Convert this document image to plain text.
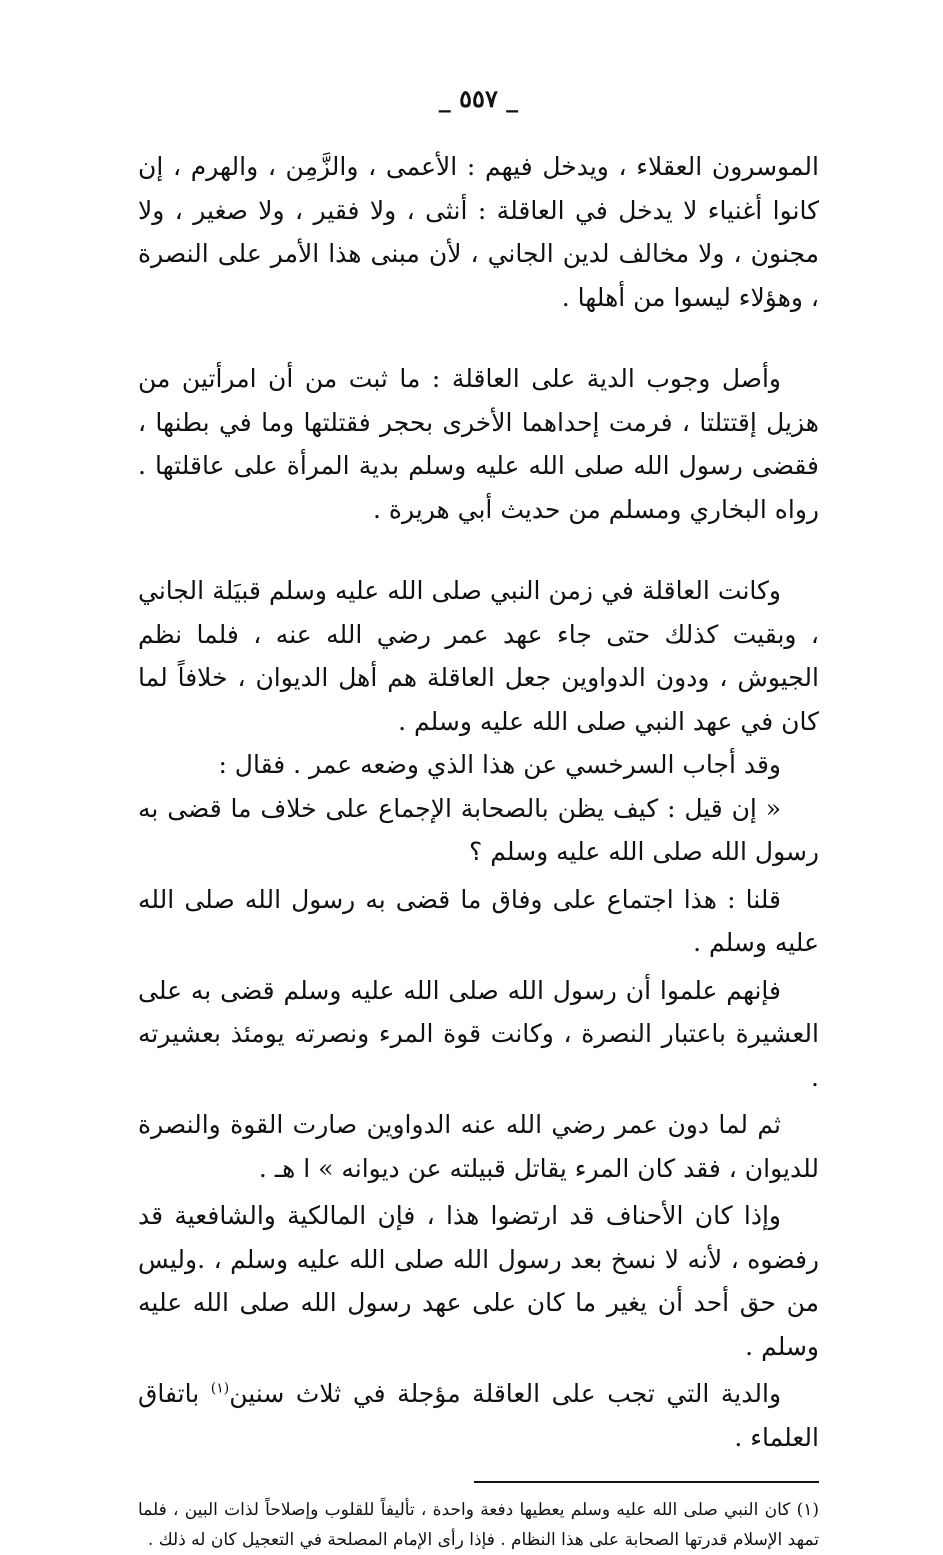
_ ٥٥٧ _

الموسرون العقلاء ، ويدخل فيهم : الأعمى ، والزَّمِن ، والهرم ، إن كانوا أغنياء لا يدخل في العاقلة : أنثى ، ولا فقير ، ولا صغير ، ولا مجنون ، ولا مخالف لدين الجاني ، لأن مبنى هذا الأمر على النصرة ، وهؤلاء ليسوا من أهلها .

وأصل وجوب الدية على العاقلة : ما ثبت من أن امرأتين من هزيل إقتتلتا ، فرمت إحداهما الأخرى بحجر فقتلتها وما في بطنها ، فقضى رسول الله صلى الله عليه وسلم بدية المرأة على عاقلتها . رواه البخاري ومسلم من حديث أبي هريرة .

وكانت العاقلة في زمن النبي صلى الله عليه وسلم قبيَلة الجاني ، وبقيت كذلك حتى جاء عهد عمر رضي الله عنه ، فلما نظم الجيوش ، ودون الدواوين جعل العاقلة هم أهل الديوان ، خلافاً لما كان في عهد النبي صلى الله عليه وسلم .

وقد أجاب السرخسي عن هذا الذي وضعه عمر . فقال :

« إن قيل : كيف يظن بالصحابة الإجماع على خلاف ما قضى به رسول الله صلى الله عليه وسلم ؟

قلنا : هذا اجتماع على وفاق ما قضى به رسول الله صلى الله عليه وسلم .

فإنهم علموا أن رسول الله صلى الله عليه وسلم قضى به على العشيرة باعتبار النصرة ، وكانت قوة المرء ونصرته يومئذ بعشيرته .

ثم لما دون عمر رضي الله عنه الدواوين صارت القوة والنصرة للديوان ، فقد كان المرء يقاتل قبيلته عن ديوانه » ا هـ .

وإذا كان الأحناف قد ارتضوا هذا ، فإن المالكية والشافعية قد رفضوه ، لأنه لا نسخ بعد رسول الله صلى الله عليه وسلم ، .وليس من حق أحد أن يغير ما كان على عهد رسول الله صلى الله عليه وسلم .

والدية التي تجب على العاقلة مؤجلة في ثلاث سنين$^{(١)}$ باتفاق العلماء .

(١) كان النبي صلى الله عليه وسلم يعطيها دفعة واحدة ، تأليفاً للقلوب وإصلاحاً لذات البين ، فلما تمهد الإسلام قدرتها الصحابة على هذا النظام . فإذا رأى الإمام المصلحة في التعجيل كان له ذلك .
